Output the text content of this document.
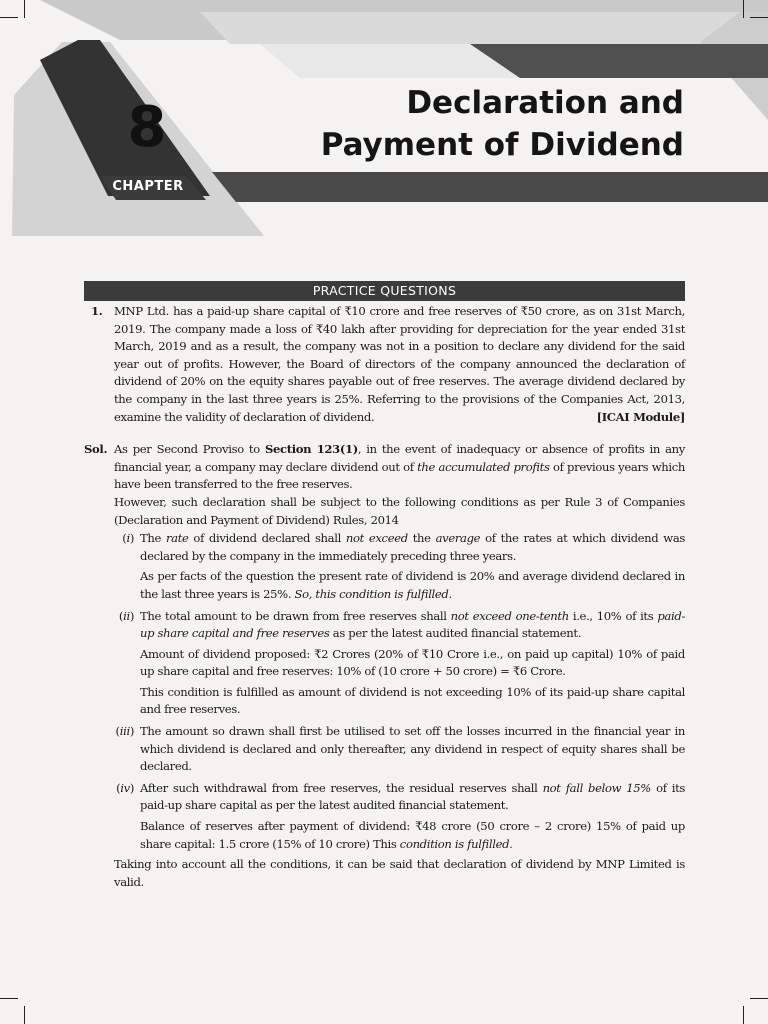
8
CHAPTER
Declaration and
Payment of Dividend
PRACTICE QUESTIONS
1. MNP Ltd. has a paid-up share capital of ₹10 crore and free reserves of ₹50 crore, as on 31st March, 2019. The company made a loss of ₹40 lakh after providing for depreciation for the year ended 31st March, 2019 and as a result, the company was not in a position to declare any dividend for the said year out of profits. However, the Board of directors of the company announced the declaration of dividend of 20% on the equity shares payable out of free reserves. The average dividend declared by the company in the last three years is 25%. Referring to the provisions of the Companies Act, 2013, examine the validity of declaration of dividend.	[ICAI Module]
Sol. As per Second Proviso to Section 123(1), in the event of inadequacy or absence of profits in any financial year, a company may declare dividend out of the accumulated profits of previous years which have been transferred to the free reserves.

However, such declaration shall be subject to the following conditions as per Rule 3 of Companies (Declaration and Payment of Dividend) Rules, 2014

(i) The rate of dividend declared shall not exceed the average of the rates at which dividend was declared by the company in the immediately preceding three years.

As per facts of the question the present rate of dividend is 20% and average dividend declared in the last three years is 25%. So, this condition is fulfilled.

(ii) The total amount to be drawn from free reserves shall not exceed one-tenth i.e., 10% of its paid-up share capital and free reserves as per the latest audited financial statement.

Amount of dividend proposed: ₹2 Crores (20% of ₹10 Crore i.e., on paid up capital) 10% of paid up share capital and free reserves: 10% of (10 crore + 50 crore) = ₹6 Crore.

This condition is fulfilled as amount of dividend is not exceeding 10% of its paid-up share capital and free reserves.

(iii) The amount so drawn shall first be utilised to set off the losses incurred in the financial year in which dividend is declared and only thereafter, any dividend in respect of equity shares shall be declared.

(iv) After such withdrawal from free reserves, the residual reserves shall not fall below 15% of its paid-up share capital as per the latest audited financial statement.

Balance of reserves after payment of dividend: ₹48 crore (50 crore – 2 crore) 15% of paid up share capital: 1.5 crore (15% of 10 crore) This condition is fulfilled.

Taking into account all the conditions, it can be said that declaration of dividend by MNP Limited is valid.
